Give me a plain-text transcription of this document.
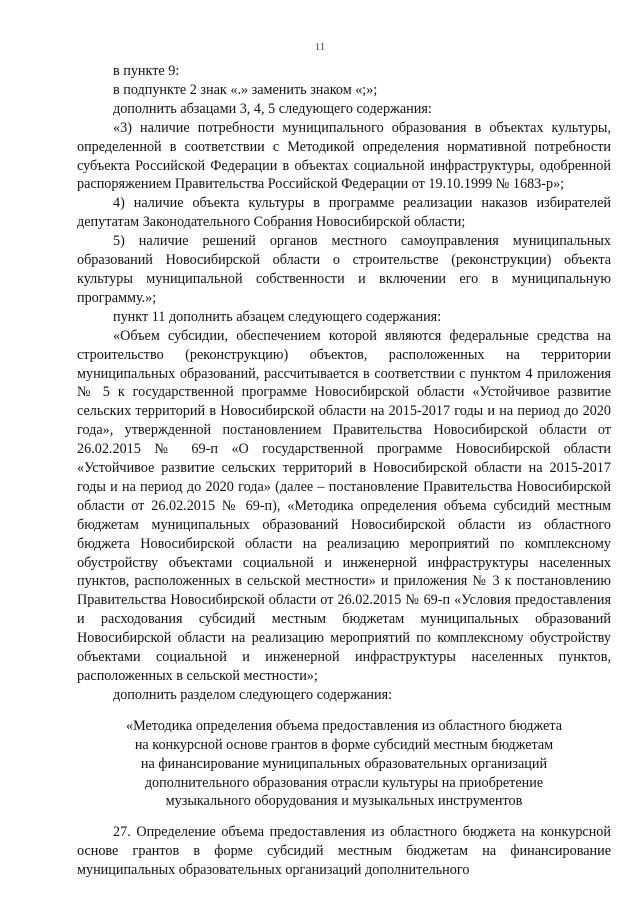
11

в пункте 9:

в подпункте 2 знак «.» заменить знаком «;»;

дополнить абзацами 3, 4, 5 следующего содержания:

«3) наличие потребности муниципального образования в объектах культуры, определенной в соответствии с Методикой определения нормативной потребности субъекта Российской Федерации в объектах социальной инфраструктуры, одобренной распоряжением Правительства Российской Федерации от 19.10.1999 № 1683-р»;

4) наличие объекта культуры в программе реализации наказов избирателей депутатам Законодательного Собрания Новосибирской области;

5) наличие решений органов местного самоуправления муниципальных образований Новосибирской области о строительстве (реконструкции) объекта культуры муниципальной собственности и включении его в муниципальную программу.»;

пункт 11 дополнить абзацем следующего содержания:

«Объем субсидии, обеспечением которой являются федеральные средства на строительство (реконструкцию) объектов, расположенных на территории муниципальных образований, рассчитывается в соответствии с пунктом 4 приложения № 5 к государственной программе Новосибирской области «Устойчивое развитие сельских территорий в Новосибирской области на 2015-2017 годы и на период до 2020 года», утвержденной постановлением Правительства Новосибирской области от 26.02.2015 № 69-п «О государственной программе Новосибирской области «Устойчивое развитие сельских территорий в Новосибирской области на 2015-2017 годы и на период до 2020 года» (далее – постановление Правительства Новосибирской области от 26.02.2015 № 69-п), «Методика определения объема субсидий местным бюджетам муниципальных образований Новосибирской области из областного бюджета Новосибирской области на реализацию мероприятий по комплексному обустройству объектами социальной и инженерной инфраструктуры населенных пунктов, расположенных в сельской местности» и приложения № 3 к постановлению Правительства Новосибирской области от 26.02.2015 № 69-п «Условия предоставления и расходования субсидий местным бюджетам муниципальных образований Новосибирской области на реализацию мероприятий по комплексному обустройству объектами социальной и инженерной инфраструктуры населенных пунктов, расположенных в сельской местности»;

дополнить разделом следующего содержания:

«Методика определения объема предоставления из областного бюджета

на конкурсной основе грантов в форме субсидий местным бюджетам

на финансирование муниципальных образовательных организаций

дополнительного образования отрасли культуры на приобретение

музыкального оборудования и музыкальных инструментов

27. Определение объема предоставления из областного бюджета на конкурсной основе грантов в форме субсидий местным бюджетам на финансирование муниципальных образовательных организаций дополнительного
